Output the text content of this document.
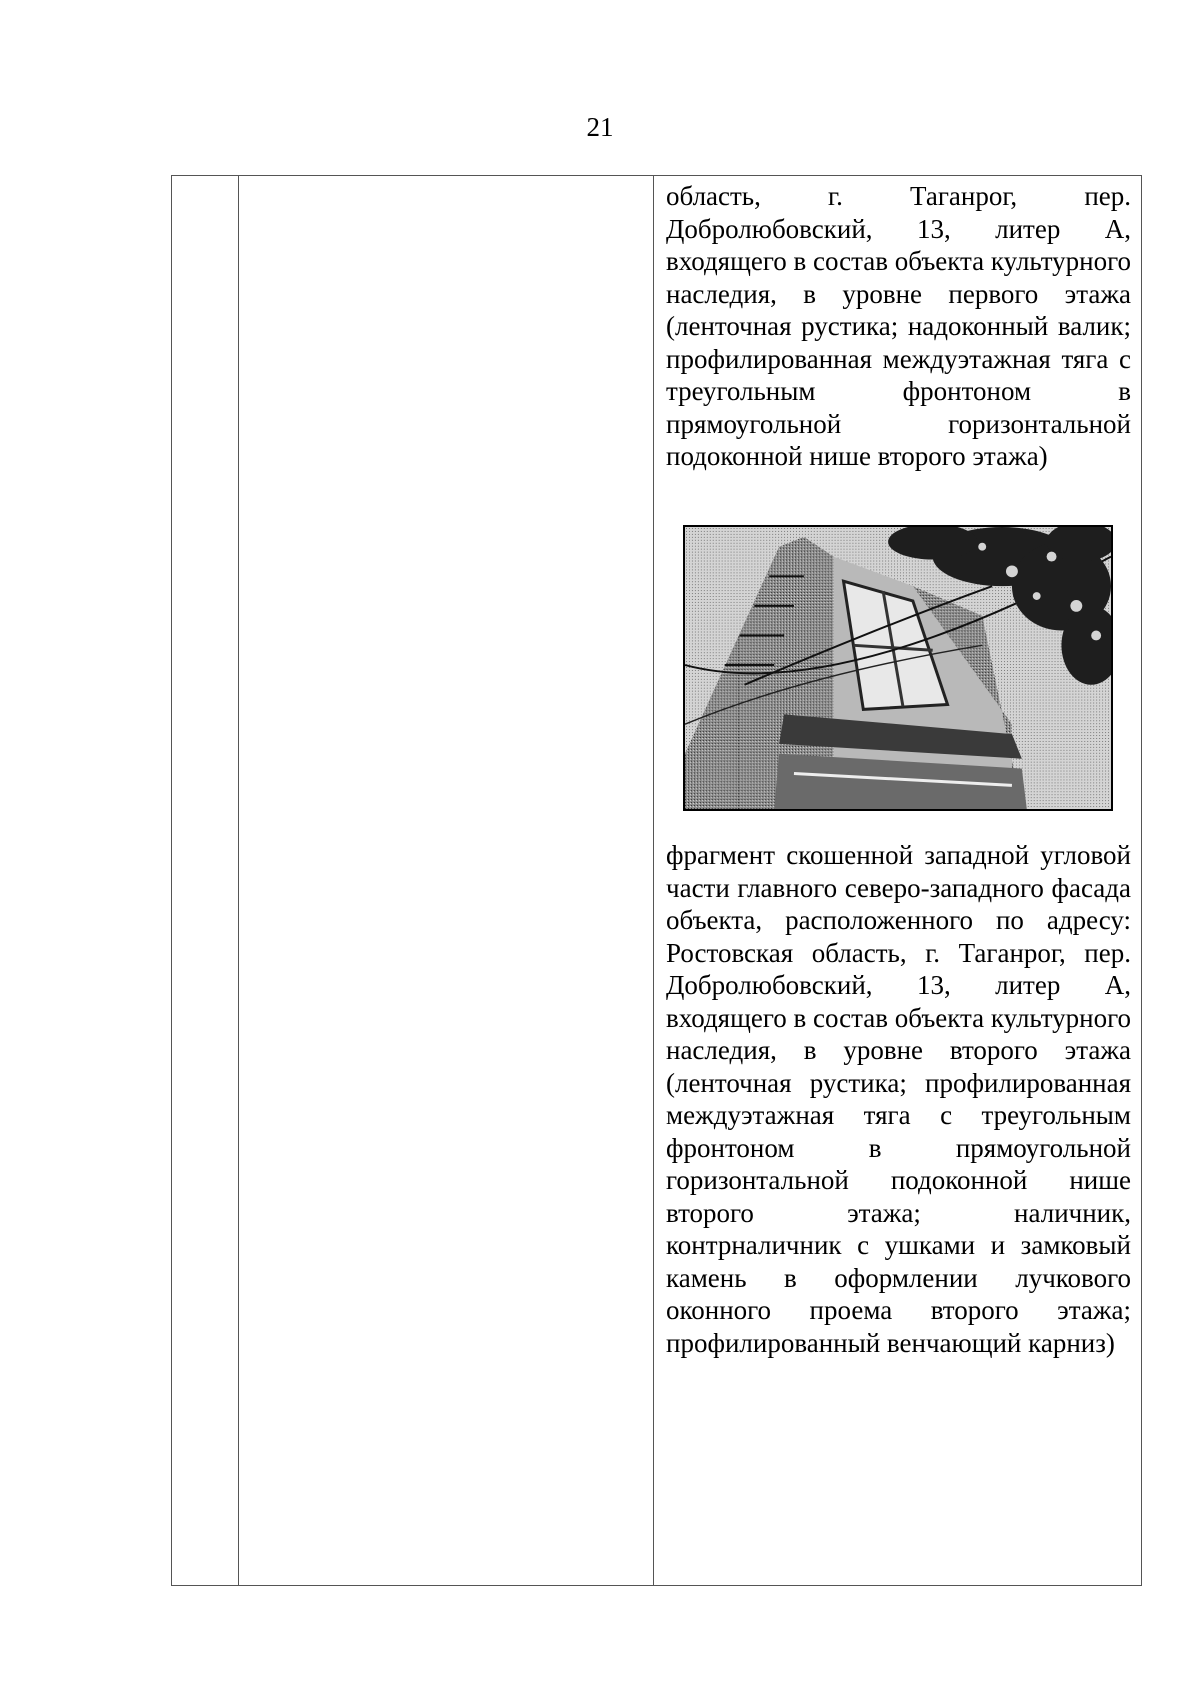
21
область, г. Таганрог, пер. Добролюбовский, 13, литер А, входящего в состав объекта культурного наследия, в уровне первого этажа (ленточная рустика; надоконный валик; профилированная междуэтажная тяга с треугольным фронтоном в прямоугольной горизонтальной подоконной нише второго этажа)
фрагмент скошенной западной угловой части главного северо-западного фасада объекта, расположенного по адресу: Ростовская область, г. Таганрог, пер. Добролюбовский, 13, литер А, входящего в состав объекта культурного наследия, в уровне второго этажа (ленточная рустика; профилированная междуэтажная тяга с треугольным фронтоном в прямоугольной горизонтальной подоконной нише второго этажа; наличник, контрналичник с ушками и замковый камень в оформлении лучкового оконного проема второго этажа; профилированный венчающий карниз)
